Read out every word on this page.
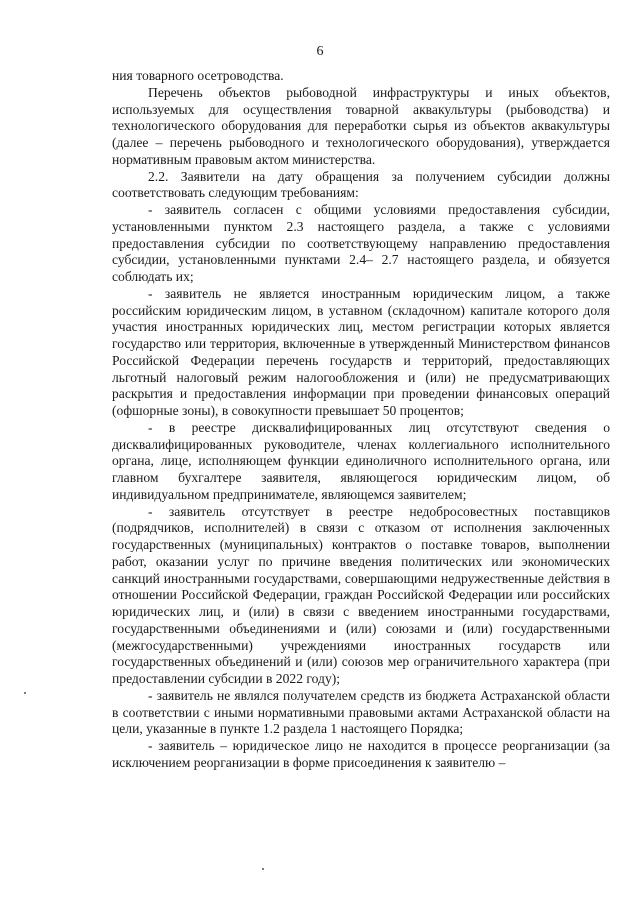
6

ния товарного осетроводства.

Перечень объектов рыбоводной инфраструктуры и иных объектов, используемых для осуществления товарной аквакультуры (рыбоводства) и технологического оборудования для переработки сырья из объектов аквакультуры (далее – перечень рыбоводного и технологического оборудования), утверждается нормативным правовым актом министерства.

2.2. Заявители на дату обращения за получением субсидии должны соответствовать следующим требованиям:

- заявитель согласен с общими условиями предоставления субсидии, установленными пунктом 2.3 настоящего раздела, а также с условиями предоставления субсидии по соответствующему направлению предоставления субсидии, установленными пунктами 2.4– 2.7 настоящего раздела, и обязуется соблюдать их;

- заявитель не является иностранным юридическим лицом, а также российским юридическим лицом, в уставном (складочном) капитале которого доля участия иностранных юридических лиц, местом регистрации которых является государство или территория, включенные в утвержденный Министерством финансов Российской Федерации перечень государств и территорий, предоставляющих льготный налоговый режим налогообложения и (или) не предусматривающих раскрытия и предоставления информации при проведении финансовых операций (офшорные зоны), в совокупности превышает 50 процентов;

- в реестре дисквалифицированных лиц отсутствуют сведения о дисквалифицированных руководителе, членах коллегиального исполнительного органа, лице, исполняющем функции единоличного исполнительного органа, или главном бухгалтере заявителя, являющегося юридическим лицом, об индивидуальном предпринимателе, являющемся заявителем;

- заявитель отсутствует в реестре недобросовестных поставщиков (подрядчиков, исполнителей) в связи с отказом от исполнения заключенных государственных (муниципальных) контрактов о поставке товаров, выполнении работ, оказании услуг по причине введения политических или экономических санкций иностранными государствами, совершающими недружественные действия в отношении Российской Федерации, граждан Российской Федерации или российских юридических лиц, и (или) в связи с введением иностранными государствами, государственными объединениями и (или) союзами и (или) государственными (межгосударственными) учреждениями иностранных государств или государственных объединений и (или) союзов мер ограничительного характера (при предоставлении субсидии в 2022 году);

- заявитель не являлся получателем средств из бюджета Астраханской области в соответствии с иными нормативными правовыми актами Астраханской области на цели, указанные в пункте 1.2 раздела 1 настоящего Порядка;

- заявитель – юридическое лицо не находится в процессе реорганизации (за исключением реорганизации в форме присоединения к заявителю –
